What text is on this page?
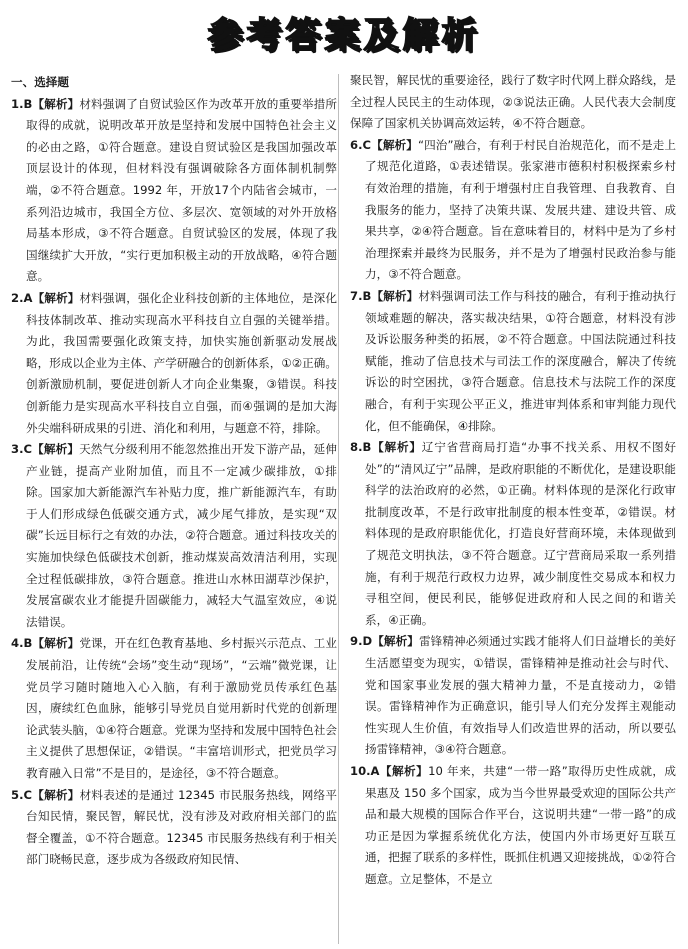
参考答案及解析
一、选择题

1.B【解析】材料强调了自贸试验区作为改革开放的重要举措所取得的成就，说明改革开放是坚持和发展中国特色社会主义的必由之路，①符合题意。建设自贸试验区是我国加强改革顶层设计的体现，但材料没有强调破除各方面体制机制弊端，②不符合题意。1992 年，开放17个内陆省会城市，一系列沿边城市，我国全方位、多层次、宽领域的对外开放格局基本形成，③不符合题意。自贸试验区的发展，体现了我国继续扩大开放，“实行更加积极主动的开放战略，④符合题意。

2.A【解析】材料强调，强化企业科技创新的主体地位，是深化科技体制改革、推动实现高水平科技自立自强的关键举措。为此，我国需要强化政策支持，加快实施创新驱动发展战略，形成以企业为主体、产学研融合的创新体系，①②正确。创新激励机制，要促进创新人才向企业集聚，③错误。科技创新能力是实现高水平科技自立自强，而④强调的是加大海外尖端科研成果的引进、消化和利用，与题意不符，排除。

3.C【解析】天然气分级利用不能忽然推出开发下游产品，延伸产业链，提高产业附加值，而且不一定减少碳排放，①排除。国家加大新能源汽车补贴力度，推广新能源汽车，有助于人们形成绿色低碳交通方式，减少尾气排放，是实现“双碳”长远目标行之有效的办法，②符合题意。通过科技攻关的实施加快绿色低碳技术创新，推动煤炭高效清洁利用，实现全过程低碳排放，③符合题意。推进山水林田湖草沙保护，发展富碳农业才能提升固碳能力，减轻大气温室效应，④说法错误。

4.B【解析】党课，开在红色教育基地、乡村振兴示范点、工业发展前沿，让传统“会场”变生动“现场”，“云端”微党课，让党员学习随时随地入心入脑，有利于激励党员传承红色基因，赓续红色血脉，能够引导党员自觉用新时代党的创新理论武装头脑，①④符合题意。党课为坚持和发展中国特色社会主义提供了思想保证，②错误。“丰富培训形式，把党员学习教育融入日常”不是目的，是途径，③不符合题意。

5.C【解析】材料表述的是通过 12345 市民服务热线，网络平台知民情，聚民智，解民忧，没有涉及对政府相关部门的监督全覆盖，①不符合题意。12345 市民服务热线有利于相关部门晓畅民意，逐步成为各级政府知民情、

聚民智，解民忧的重要途径，践行了数字时代网上群众路线，是全过程人民民主的生动体现，②③说法正确。人民代表大会制度保障了国家机关协调高效运转，④不符合题意。

6.C【解析】“四治”融合，有利于村民自治规范化，而不是走上了规范化道路，①表述错误。张家港市德积村积极探索乡村有效治理的措施，有利于增强村庄自我管理、自我教育、自我服务的能力，坚持了决策共谋、发展共建、建设共管、成果共享，②④符合题意。旨在意味着目的，材料中是为了乡村治理探索并最终为民服务，并不是为了增强村民政治参与能力，③不符合题意。

7.B【解析】材料强调司法工作与科技的融合，有利于推动执行领域难题的解决，落实裁决结果，①符合题意，材料没有涉及诉讼服务种类的拓展，②不符合题意。中国法院通过科技赋能，推动了信息技术与司法工作的深度融合，解决了传统诉讼的时空困扰，③符合题意。信息技术与法院工作的深度融合，有利于实现公平正义，推进审判体系和审判能力现代化，但不能确保，④排除。

8.B【解析】辽宁省营商局打造“办事不找关系、用权不图好处”的“清风辽宁”品牌，是政府职能的不断优化，是建设职能科学的法治政府的必然，①正确。材料体现的是深化行政审批制度改革，不是行政审批制度的根本性变革，②错误。材料体现的是政府职能优化，打造良好营商环境，未体现做到了规范文明执法，③不符合题意。辽宁营商局采取一系列措施，有利于规范行政权力边界，减少制度性交易成本和权力寻租空间，便民利民，能够促进政府和人民之间的和谐关系，④正确。

9.D【解析】雷锋精神必须通过实践才能将人们日益增长的美好生活愿望变为现实，①错误，雷锋精神是推动社会与时代、党和国家事业发展的强大精神力量，不是直接动力，②错误。雷锋精神作为正确意识，能引导人们充分发挥主观能动性实现人生价值，有效指导人们改造世界的活动，所以要弘扬雷锋精神，③④符合题意。

10.A【解析】10 年来，共建“一带一路”取得历史性成就，成果惠及 150 多个国家，成为当今世界最受欢迎的国际公共产品和最大规模的国际合作平台，这说明共建“一带一路”的成功正是因为掌握系统优化方法，使国内外市场更好互联互通，把握了联系的多样性，既抓住机遇又迎接挑战，①②符合题意。立足整体，不是立
